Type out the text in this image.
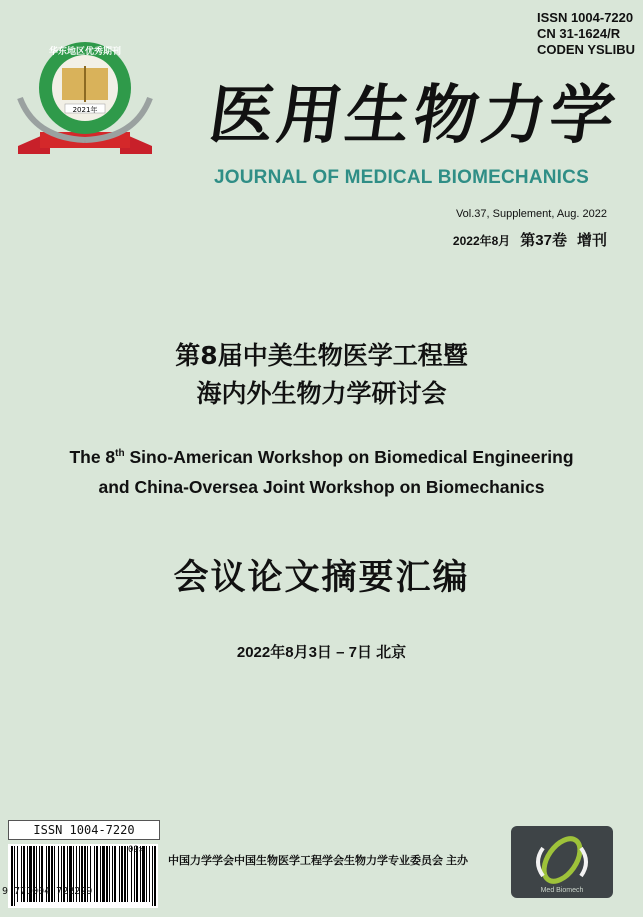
2021年
华东地区优秀期刊
ISSN 1004-7220
CN 31-1624/R
CODEN YSLIBU
医用生物力学
JOURNAL OF MEDICAL BIOMECHANICS
Vol.37, Supplement, Aug. 2022
2022年8月 第37卷 增刊
第8届中美生物医学工程暨
海内外生物力学研讨会
The 8th Sino-American Workshop on Biomedical Engineering
and China-Oversea Joint Workshop on Biomechanics
会议论文摘要汇编
2022年8月3日 – 7日 北京
ISSN 1004-7220
9 771004 722229
09>
中国力学学会中国生物医学工程学会生物力学专业委员会 主办
Med Biomech
